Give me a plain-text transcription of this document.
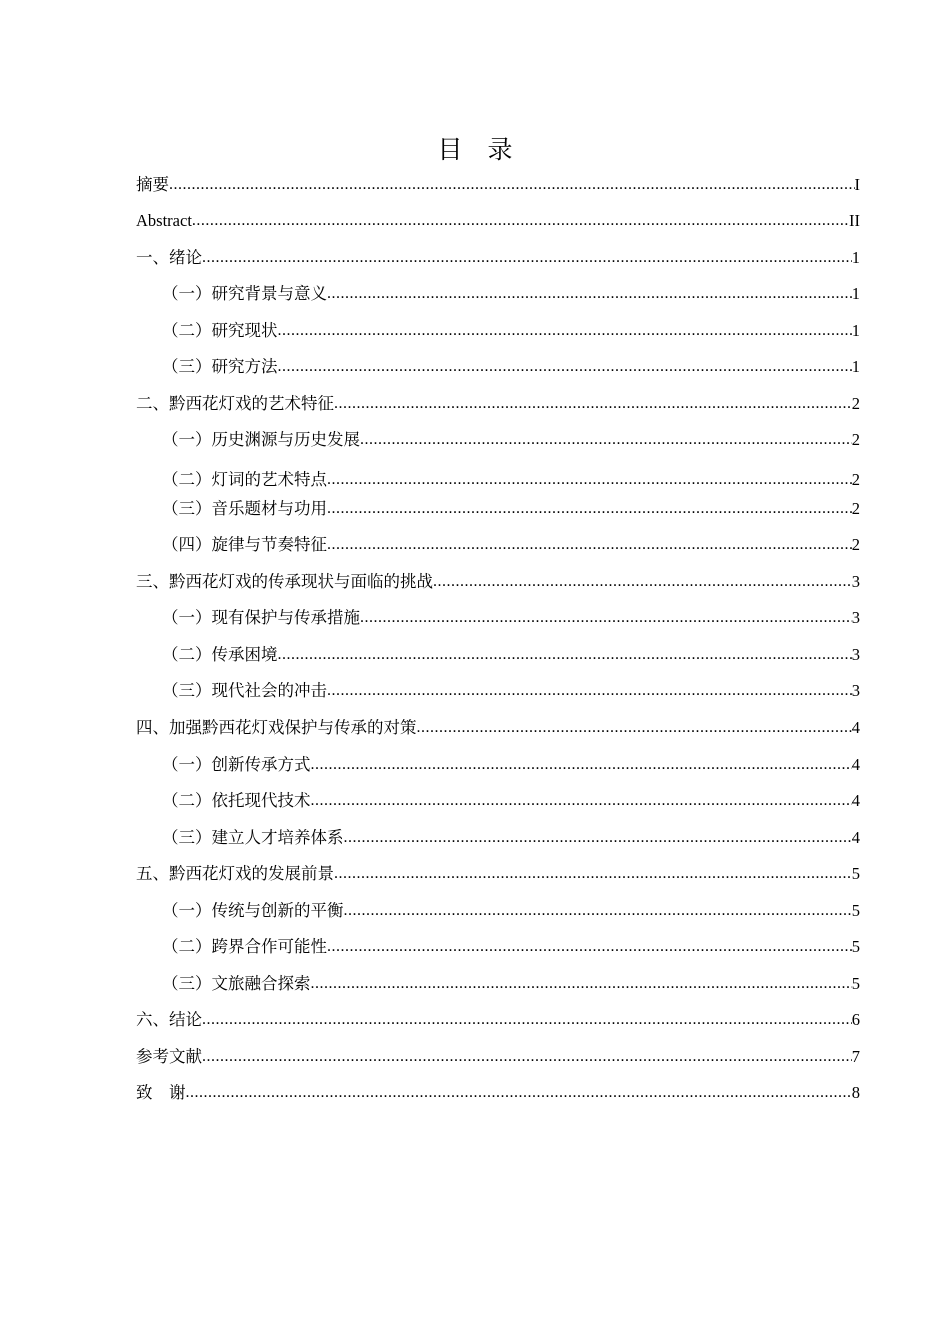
目　录
摘要 .....	I
Abstract .....	II
一、绪论 .....	1
（一）研究背景与意义 .....	1
（二）研究现状 .....	1
（三）研究方法 .....	1
二、黔西花灯戏的艺术特征 .....	2
（一）历史渊源与历史发展 .....	2
（二）灯词的艺术特点 .....	2
（三）音乐题材与功用 .....	2
（四）旋律与节奏特征 .....	2
三、黔西花灯戏的传承现状与面临的挑战 .....	3
（一）现有保护与传承措施 .....	3
（二）传承困境 .....	3
（三）现代社会的冲击 .....	3
四、加强黔西花灯戏保护与传承的对策 .....	4
（一）创新传承方式 .....	4
（二）依托现代技术 .....	4
（三）建立人才培养体系 .....	4
五、黔西花灯戏的发展前景 .....	5
（一）传统与创新的平衡 .....	5
（二）跨界合作可能性 .....	5
（三）文旅融合探索 .....	5
六、结论 .....	6
参考文献 .....	7
致　谢 .....	8
